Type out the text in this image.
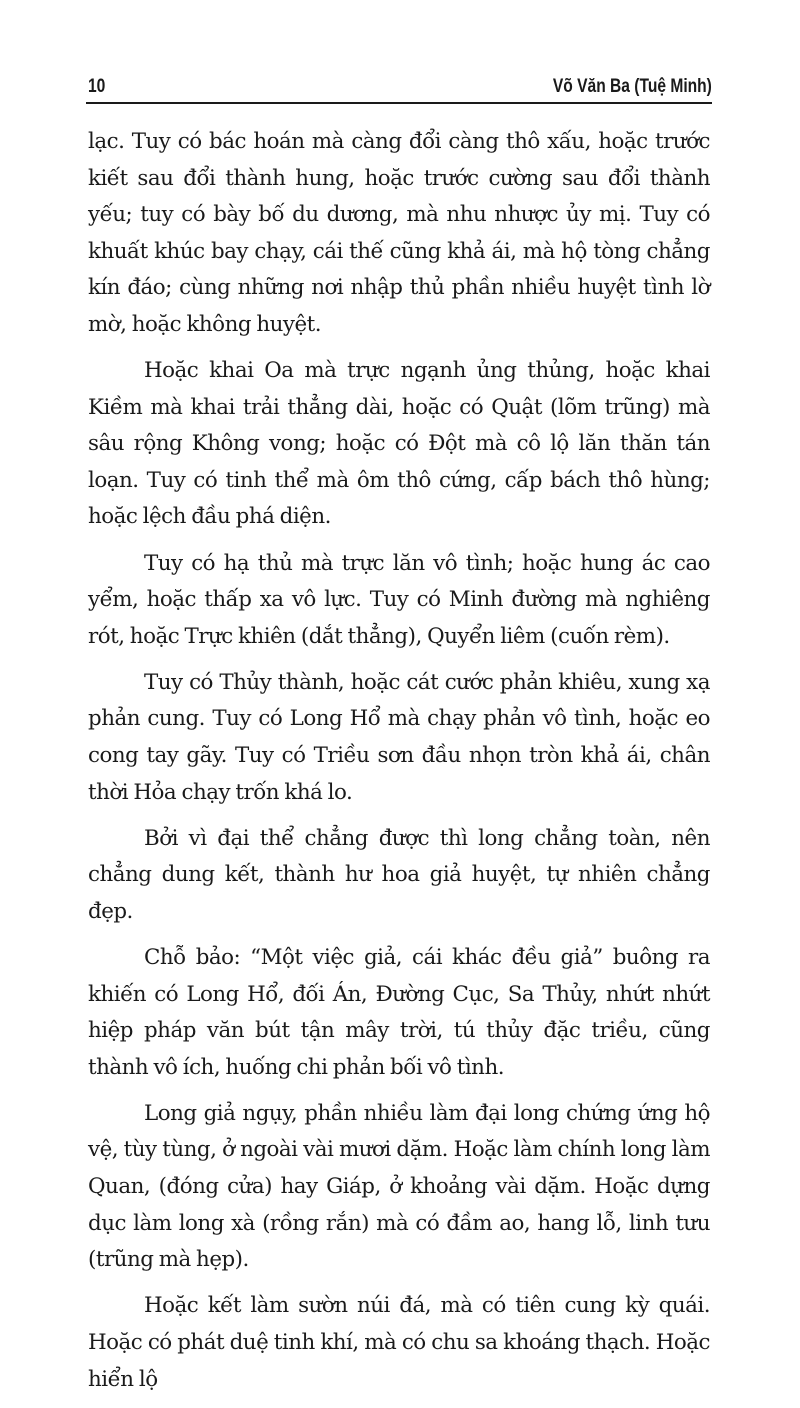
10	Võ Văn Ba (Tuệ Minh)

lạc. Tuy có bác hoán mà càng đổi càng thô xấu, hoặc trước kiết sau đổi thành hung, hoặc trước cường sau đổi thành yếu; tuy có bày bố du dương, mà nhu nhược ủy mị. Tuy có khuất khúc bay chạy, cái thế cũng khả ái, mà hộ tòng chẳng kín đáo; cùng những nơi nhập thủ phần nhiều huyệt tình lờ mờ, hoặc không huyệt.

Hoặc khai Oa mà trực ngạnh ủng thủng, hoặc khai Kiềm mà khai trải thẳng dài, hoặc có Quật (lõm trũng) mà sâu rộng Không vong; hoặc có Đột mà cô lộ lăn thăn tán loạn. Tuy có tinh thể mà ôm thô cứng, cấp bách thô hùng; hoặc lệch đầu phá diện.

Tuy có hạ thủ mà trực lăn vô tình; hoặc hung ác cao yểm, hoặc thấp xa vô lực. Tuy có Minh đường mà nghiêng rót, hoặc Trực khiên (dắt thẳng), Quyển liêm (cuốn rèm).

Tuy có Thủy thành, hoặc cát cước phản khiêu, xung xạ phản cung. Tuy có Long Hổ mà chạy phản vô tình, hoặc eo cong tay gãy. Tuy có Triều sơn đầu nhọn tròn khả ái, chân thời Hỏa chạy trốn khá lo.

Bởi vì đại thể chẳng được thì long chẳng toàn, nên chẳng dung kết, thành hư hoa giả huyệt, tự nhiên chẳng đẹp.

Chỗ bảo: “Một việc giả, cái khác đều giả” buông ra khiến có Long Hổ, đối Án, Đường Cục, Sa Thủy, nhứt nhứt hiệp pháp văn bút tận mây trời, tú thủy đặc triều, cũng thành vô ích, huống chi phản bối vô tình.

Long giả ngụy, phần nhiều làm đại long chứng ứng hộ vệ, tùy tùng, ở ngoài vài mươi dặm. Hoặc làm chính long làm Quan, (đóng cửa) hay Giáp, ở khoảng vài dặm. Hoặc dựng dục làm long xà (rồng rắn) mà có đầm ao, hang lỗ, linh tưu (trũng mà hẹp).

Hoặc kết làm sườn núi đá, mà có tiên cung kỳ quái. Hoặc có phát duệ tinh khí, mà có chu sa khoáng thạch. Hoặc hiển lộ
